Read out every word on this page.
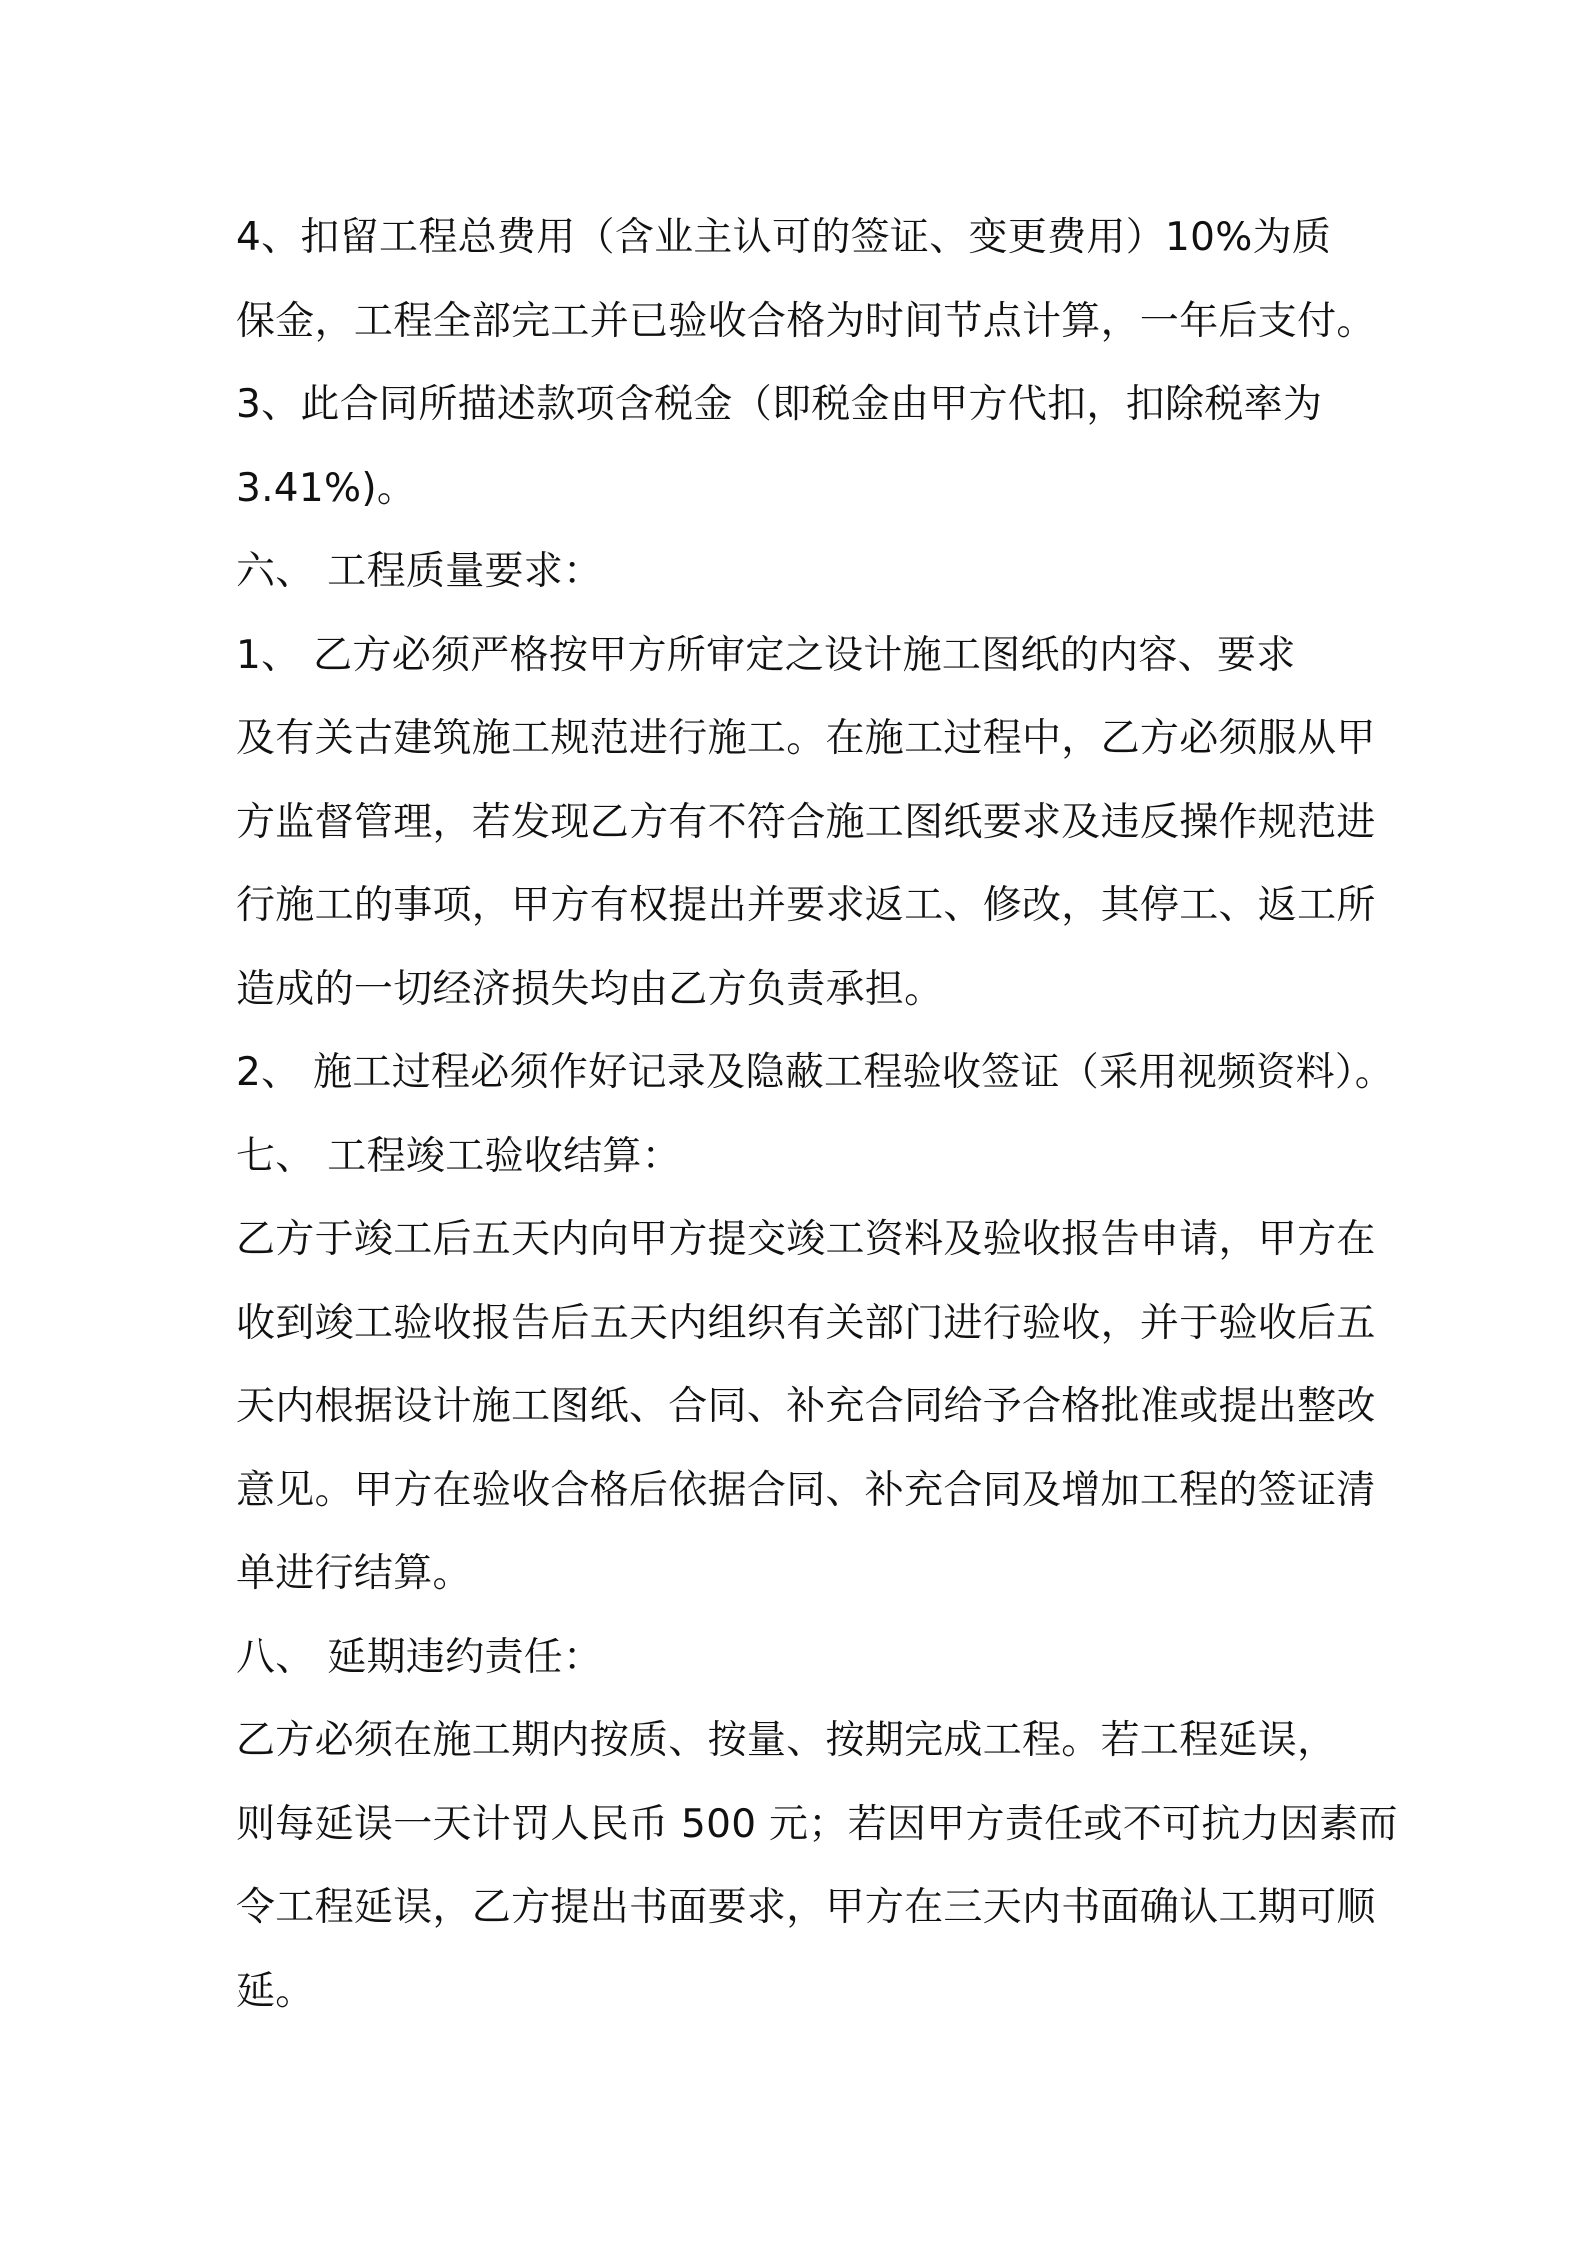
4、扣留工程总费用（含业主认可的签证、变更费用）10%为质
保金，工程全部完工并已验收合格为时间节点计算，一年后支付。
3、此合同所描述款项含税金（即税金由甲方代扣，扣除税率为
3.41%)。
六、 工程质量要求：
1、 乙方必须严格按甲方所审定之设计施工图纸的内容、要求
及有关古建筑施工规范进行施工。在施工过程中，乙方必须服从甲
方监督管理，若发现乙方有不符合施工图纸要求及违反操作规范进
行施工的事项，甲方有权提出并要求返工、修改，其停工、返工所
造成的一切经济损失均由乙方负责承担。
2、 施工过程必须作好记录及隐蔽工程验收签证（采用视频资料）。
七、 工程竣工验收结算：
乙方于竣工后五天内向甲方提交竣工资料及验收报告申请，甲方在
收到竣工验收报告后五天内组织有关部门进行验收，并于验收后五
天内根据设计施工图纸、合同、补充合同给予合格批准或提出整改
意见。甲方在验收合格后依据合同、补充合同及增加工程的签证清
单进行结算。
八、 延期违约责任：
乙方必须在施工期内按质、按量、按期完成工程。若工程延误，
则每延误一天计罚人民币 500 元；若因甲方责任或不可抗力因素而
令工程延误，乙方提出书面要求，甲方在三天内书面确认工期可顺
延。
